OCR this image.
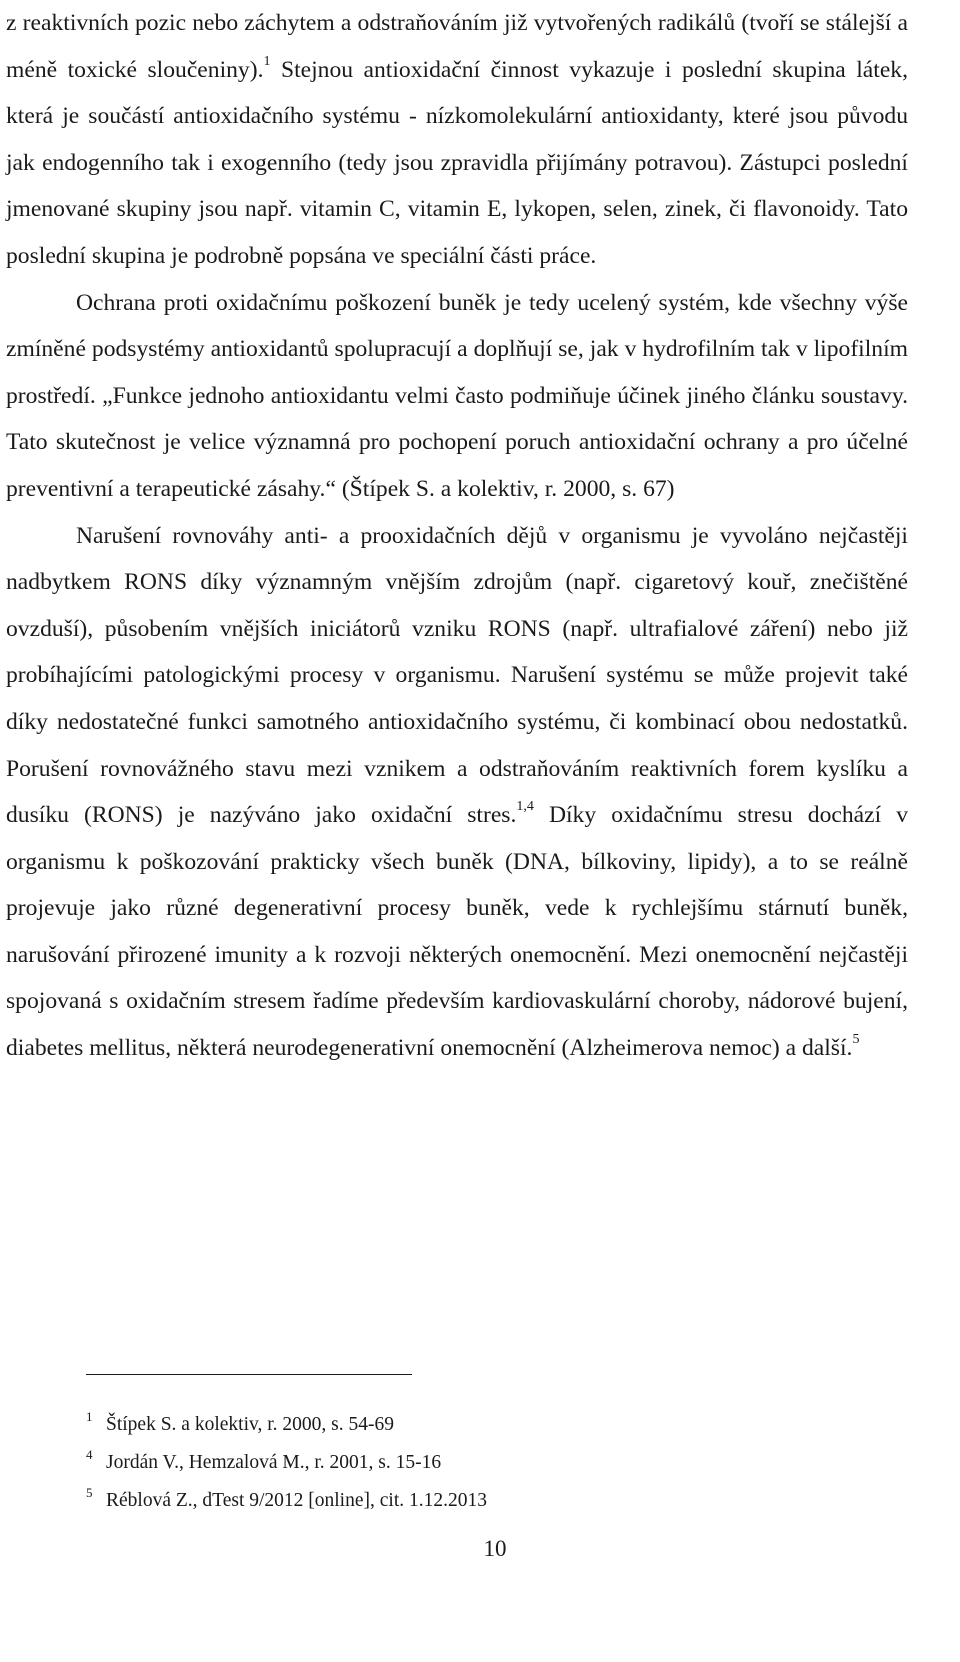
z reaktivních pozic nebo záchytem a odstraňováním již vytvořených radikálů (tvoří se stálejší a méně toxické sloučeniny).$^1$ Stejnou antioxidační činnost vykazuje i poslední skupina látek, která je součástí antioxidačního systému - nízkomolekulární antioxidanty, které jsou původu jak endogenního tak i exogenního (tedy jsou zpravidla přijímány potravou). Zástupci poslední jmenované skupiny jsou např. vitamin C, vitamin E, lykopen, selen, zinek, či flavonoidy. Tato poslední skupina je podrobně popsána ve speciální části práce.

Ochrana proti oxidačnímu poškození buněk je tedy ucelený systém, kde všechny výše zmíněné podsystémy antioxidantů spolupracují a doplňují se, jak v hydrofilním tak v lipofilním prostředí. „Funkce jednoho antioxidantu velmi často podmiňuje účinek jiného článku soustavy. Tato skutečnost je velice významná pro pochopení poruch antioxidační ochrany a pro účelné preventivní a terapeutické zásahy.“ (Štípek S. a kolektiv, r. 2000, s. 67)

Narušení rovnováhy anti- a prooxidačních dějů v organismu je vyvoláno nejčastěji nadbytkem RONS díky významným vnějším zdrojům (např. cigaretový kouř, znečištěné ovzduší), působením vnějších iniciátorů vzniku RONS (např. ultrafialové záření) nebo již probíhajícími patologickými procesy v organismu. Narušení systému se může projevit také díky nedostatečné funkci samotného antioxidačního systému, či kombinací obou nedostatků. Porušení rovnovážného stavu mezi vznikem a odstraňováním reaktivních forem kyslíku a dusíku (RONS) je nazýváno jako oxidační stres.$^{1,4}$ Díky oxidačnímu stresu dochází v organismu k poškozování prakticky všech buněk (DNA, bílkoviny, lipidy), a to se reálně projevuje jako různé degenerativní procesy buněk, vede k rychlejšímu stárnutí buněk, narušování přirozené imunity a k rozvoji některých onemocnění. Mezi onemocnění nejčastěji spojovaná s oxidačním stresem řadíme především kardiovaskulární choroby, nádorové bujení, diabetes mellitus, některá neurodegenerativní onemocnění (Alzheimerova nemoc) a další.$^5$

1 Štípek S. a kolektiv, r. 2000, s. 54-69
4 Jordán V., Hemzalová M., r. 2001, s. 15-16
5 Réblová Z., dTest 9/2012 [online], cit. 1.12.2013
10
